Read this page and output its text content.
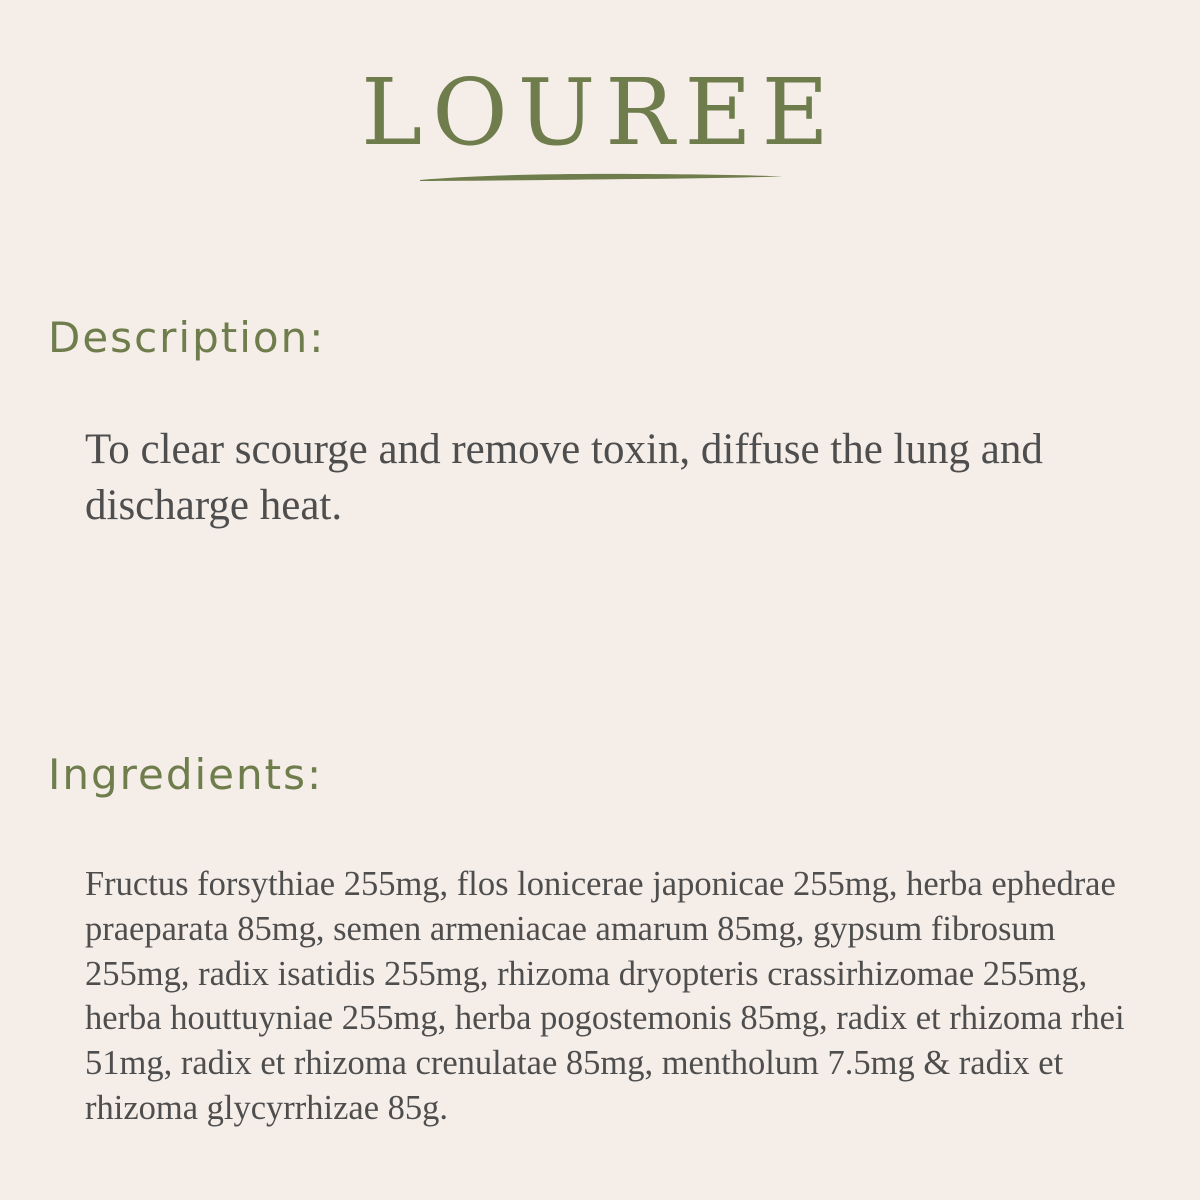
LOUREE
Description:

To clear scourge and remove toxin, diffuse the lung and discharge heat.

Ingredients:

Fructus forsythiae 255mg, flos lonicerae japonicae 255mg, herba ephedrae praeparata 85mg, semen armeniacae amarum 85mg, gypsum fibrosum 255mg, radix isatidis 255mg, rhizoma dryopteris crassirhizomae 255mg, herba houttuyniae 255mg, herba pogostemonis 85mg, radix et rhizoma rhei 51mg, radix et rhizoma crenulatae 85mg, mentholum 7.5mg & radix et rhizoma glycyrrhizae 85g.
